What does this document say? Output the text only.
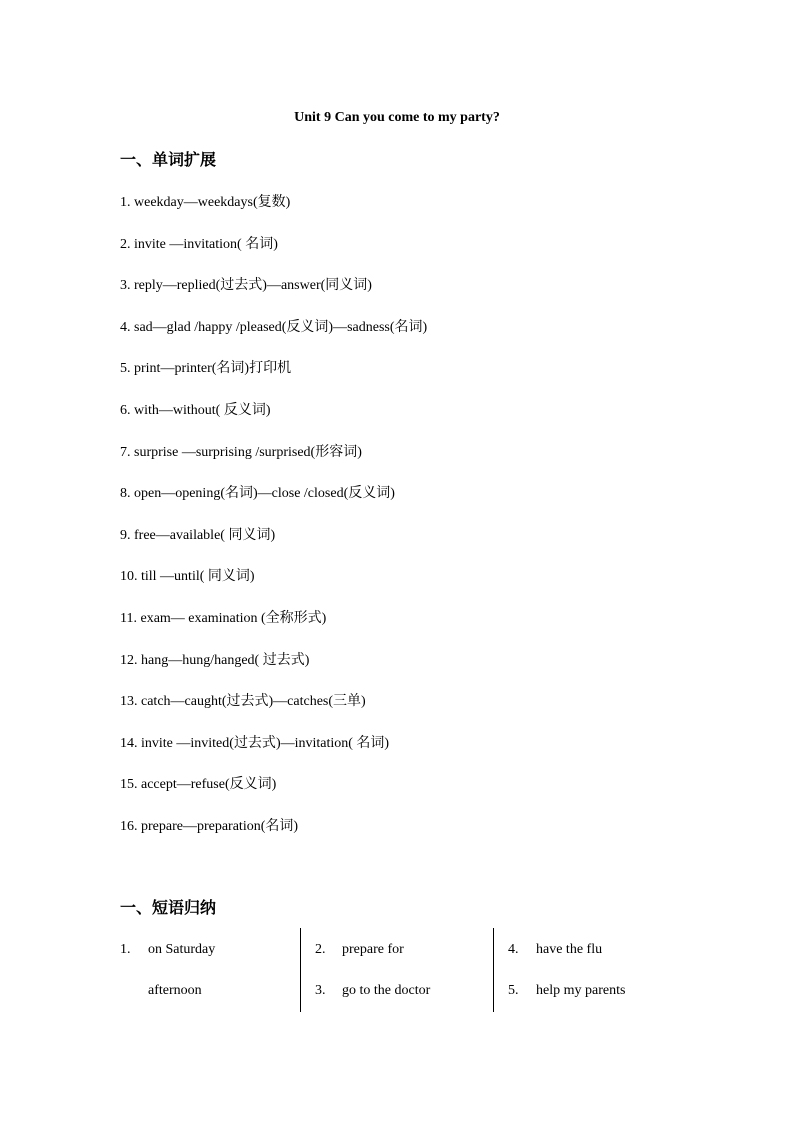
Unit 9 Can you come to my party?
一、单词扩展
1. weekday—weekdays(复数)
2. invite —invitation( 名词)
3. reply—replied(过去式)—answer(同义词)
4. sad—glad /happy /pleased(反义词)—sadness(名词)
5. print—printer(名词)打印机
6. with—without( 反义词)
7. surprise —surprising /surprised(形容词)
8. open—opening(名词)—close /closed(反义词)
9. free—available( 同义词)
10. till —until( 同义词)
11. exam— examination (全称形式)
12. hang—hung/hanged( 过去式)
13. catch—caught(过去式)—catches(三单)
14. invite —invited(过去式)—invitation( 名词)
15. accept—refuse(反义词)
16. prepare—preparation(名词)
一、短语归纳
1. on Saturday
afternoon
2. prepare for
3. go to the doctor
4. have the flu
5. help my parents
